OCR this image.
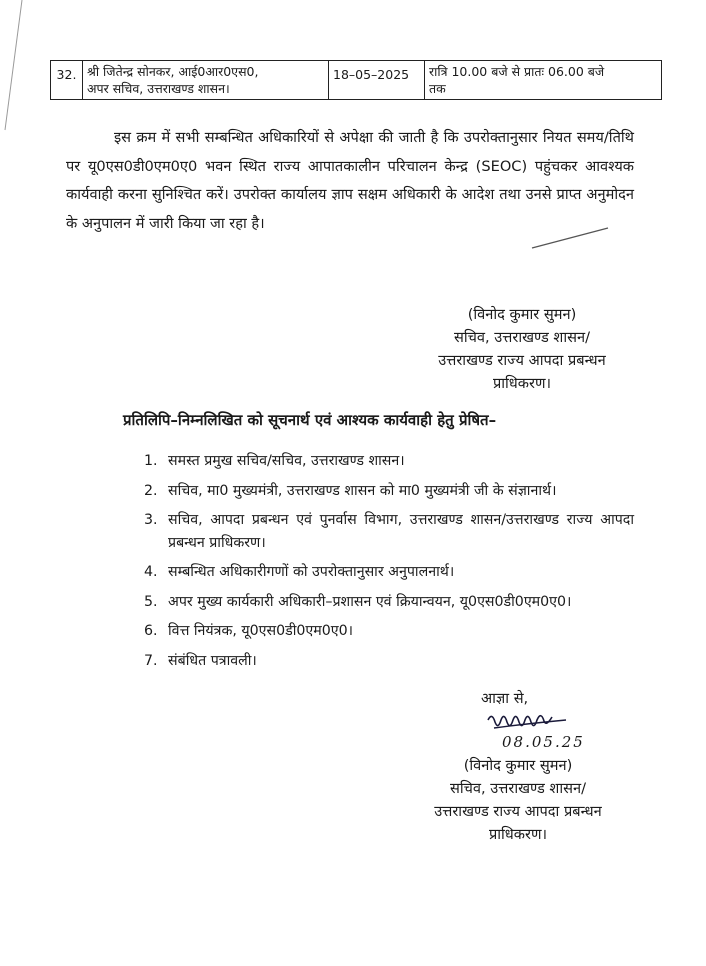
32. श्री जितेन्द्र सोनकर, आई0आर0एस0,
अपर सचिव, उत्तराखण्ड शासन।
18–05–2025	रात्रि 10.00 बजे से प्रातः 06.00 बजे
तक
इस क्रम में सभी सम्बन्धित अधिकारियों से अपेक्षा की जाती है कि उपरोक्तानुसार नियत समय/तिथि पर यू0एस0डी0एम0ए0 भवन स्थित राज्य आपातकालीन परिचालन केन्द्र (SEOC) पहुंचकर आवश्यक कार्यवाही करना सुनिश्चित करें। उपरोक्त कार्यालय ज्ञाप सक्षम अधिकारी के आदेश तथा उनसे प्राप्त अनुमोदन के अनुपालन में जारी किया जा रहा है।
(विनोद कुमार सुमन)
सचिव, उत्तराखण्ड शासन/
उत्तराखण्ड राज्य आपदा प्रबन्धन
प्राधिकरण।
प्रतिलिपि–निम्नलिखित को सूचनार्थ एवं आश्यक कार्यवाही हेतु प्रेषित–
1. समस्त प्रमुख सचिव/सचिव, उत्तराखण्ड शासन।
2. सचिव, मा0 मुख्यमंत्री, उत्तराखण्ड शासन को मा0 मुख्यमंत्री जी के संज्ञानार्थ।
3. सचिव, आपदा प्रबन्धन एवं पुनर्वास विभाग, उत्तराखण्ड शासन/उत्तराखण्ड राज्य आपदा प्रबन्धन प्राधिकरण।
4. सम्बन्धित अधिकारीगणों को उपरोक्तानुसार अनुपालनार्थ।
5. अपर मुख्य कार्यकारी अधिकारी–प्रशासन एवं क्रियान्वयन, यू0एस0डी0एम0ए0।
6. वित्त नियंत्रक, यू0एस0डी0एम0ए0।
7. संबंधित पत्रावली।
आज्ञा से,
08.05.25
(विनोद कुमार सुमन)
सचिव, उत्तराखण्ड शासन/
उत्तराखण्ड राज्य आपदा प्रबन्धन
प्राधिकरण।
